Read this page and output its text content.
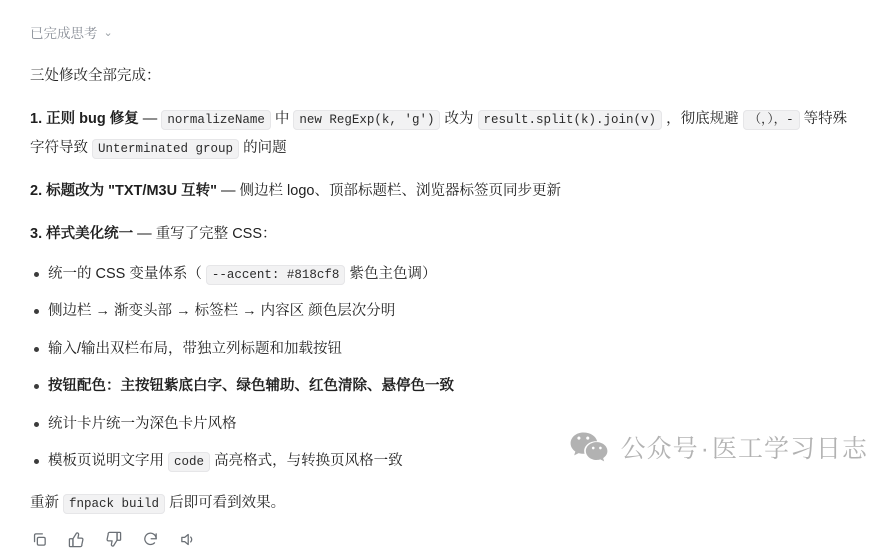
已完成思考 ⌄
三处修改全部完成：
1. 正则 bug 修复 — normalizeName 中 new RegExp(k, 'g') 改为 result.split(k).join(v) ，彻底规避 （，），- 等特殊字符导致 Unterminated group 的问题
2. 标题改为 "TXT/M3U 互转" — 侧边栏 logo、顶部标题栏、浏览器标签页同步更新
3. 样式美化统一 — 重写了完整 CSS：
统一的 CSS 变量体系（ --accent: #818cf8 紫色主色调）
侧边栏 → 渐变头部 → 标签栏 → 内容区 颜色层次分明
输入/输出双栏布局，带独立列标题和加载按钮
按钮配色：主按钮紫底白字、绿色辅助、红色清除、悬停色一致
统计卡片统一为深色卡片风格
模板页说明文字用 code 高亮格式，与转换页风格一致
重新 fnpack build 后即可看到效果。
公众号·医工学习日志
